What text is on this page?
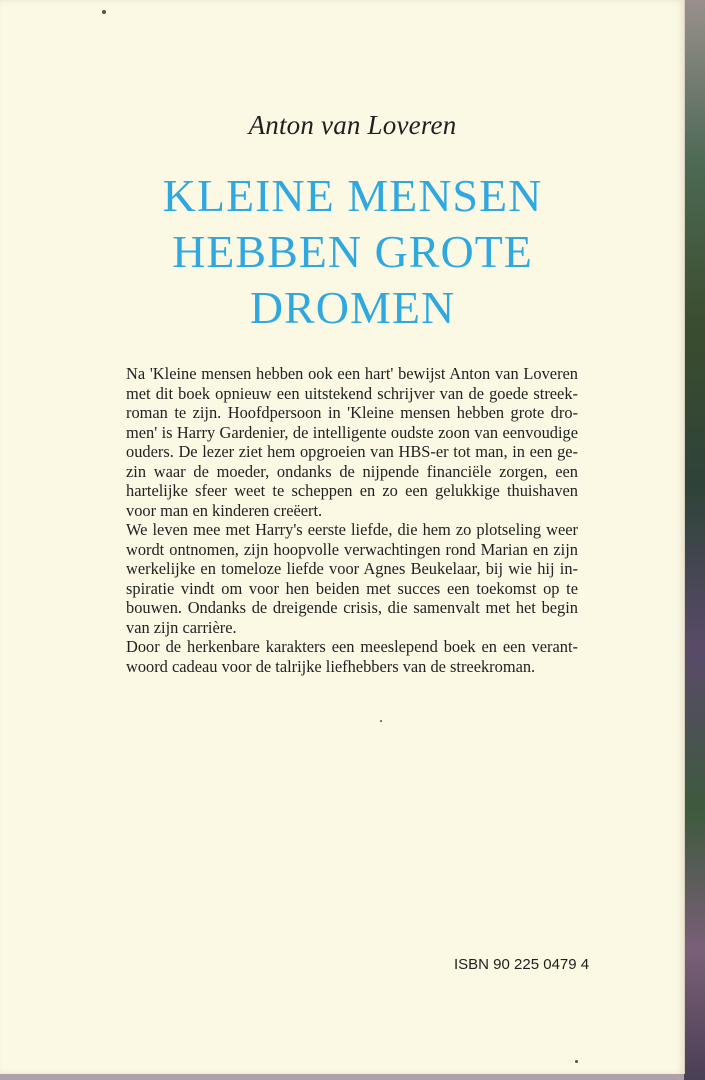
Anton van Loveren
KLEINE MENSEN
HEBBEN GROTE
DROMEN

Na 'Kleine mensen hebben ook een hart' bewijst Anton van Loveren met dit boek opnieuw een uitstekend schrijver van de goede streek-roman te zijn. Hoofdpersoon in 'Kleine mensen hebben grote dro-men' is Harry Gardenier, de intelligente oudste zoon van eenvoudige ouders. De lezer ziet hem opgroeien van HBS-er tot man, in een ge-zin waar de moeder, ondanks de nijpende financiële zorgen, een hartelijke sfeer weet te scheppen en zo een gelukkige thuishaven voor man en kinderen creëert.

We leven mee met Harry's eerste liefde, die hem zo plotseling weer wordt ontnomen, zijn hoopvolle verwachtingen rond Marian en zijn werkelijke en tomeloze liefde voor Agnes Beukelaar, bij wie hij in-spiratie vindt om voor hen beiden met succes een toekomst op te bouwen. Ondanks de dreigende crisis, die samenvalt met het begin van zijn carrière.

Door de herkenbare karakters een meeslepend boek en een verant-woord cadeau voor de talrijke liefhebbers van de streekroman.

ISBN 90 225 0479 4
